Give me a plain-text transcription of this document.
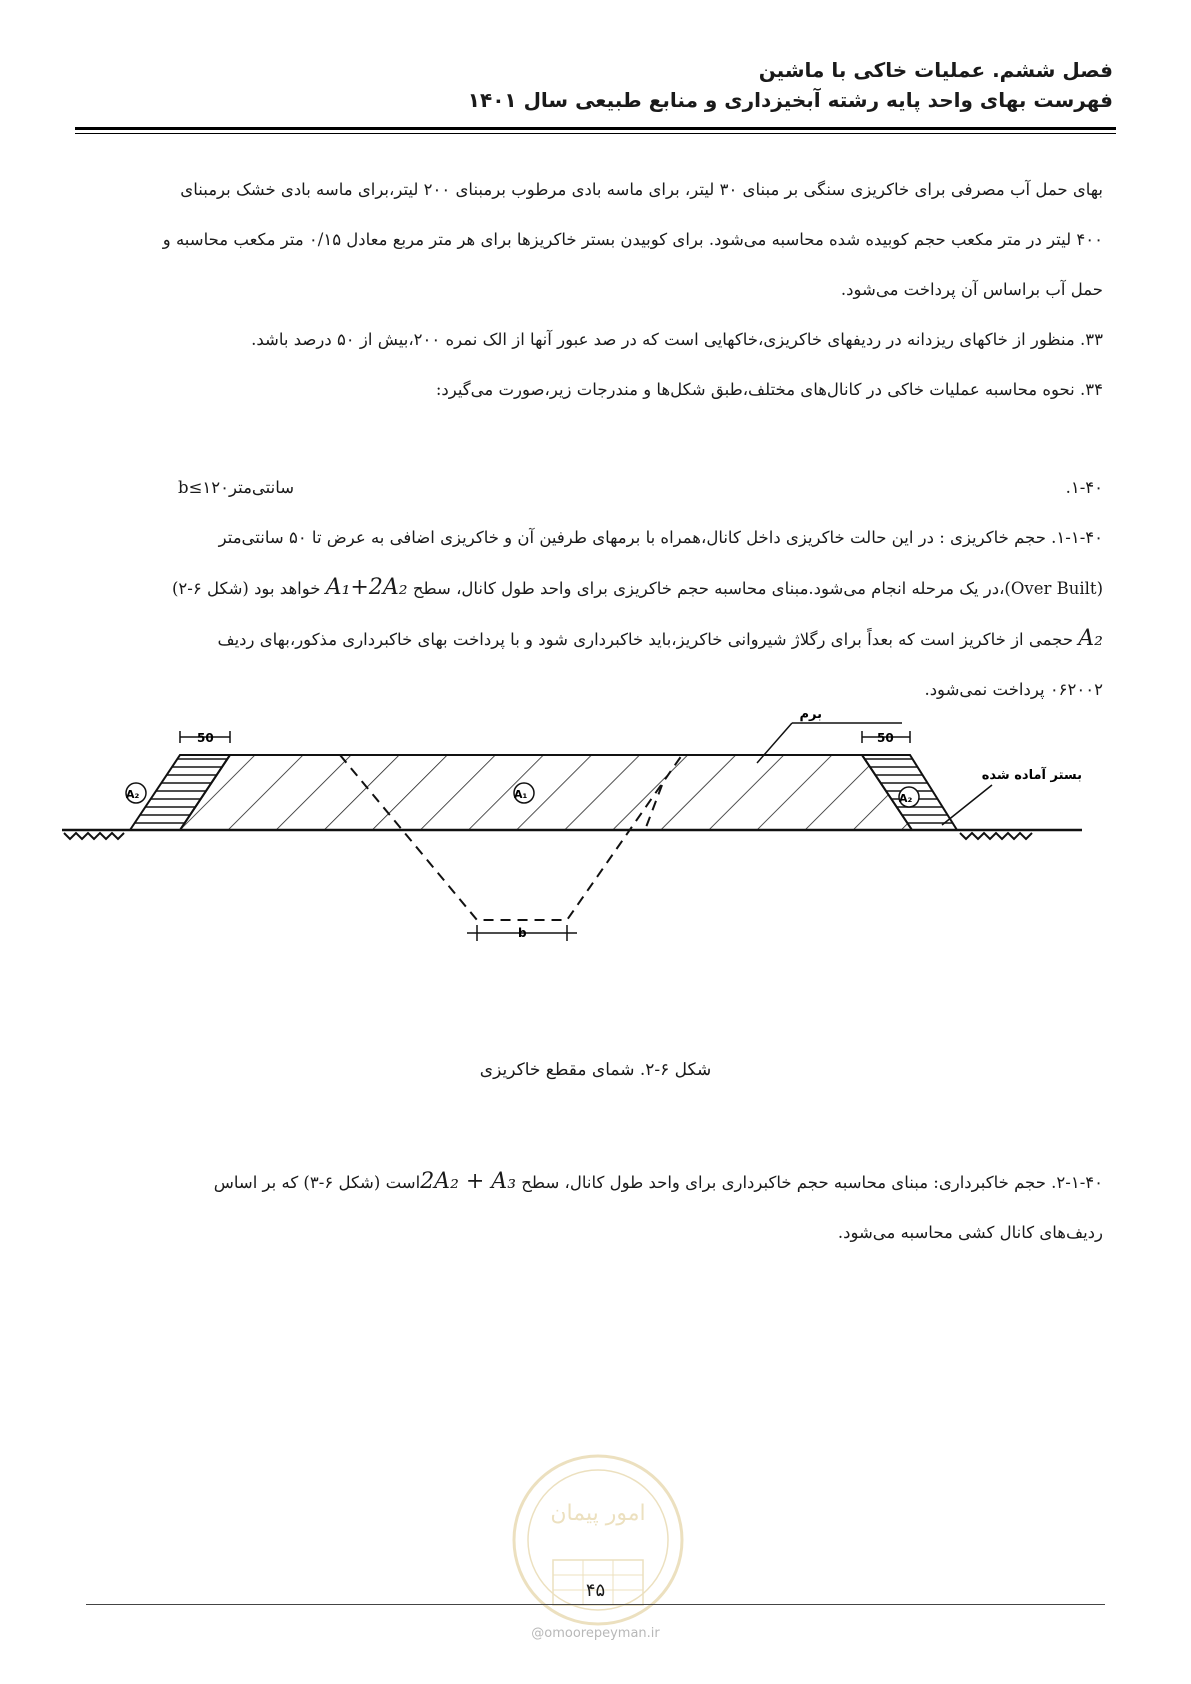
فصل ششم. عملیات خاکی با ماشین
فهرست بهای واحد پایه رشته آبخیزداری و منابع طبیعی سال ۱۴۰۱

بهای حمل آب مصرفی برای خاکریزی سنگی بر مبنای ۳۰ لیتر، برای ماسه بادی مرطوب برمبنای ۲۰۰ لیتر،برای ماسه بادی خشک برمبنای

۴۰۰ لیتر در متر مکعب حجم کوبیده شده محاسبه می‌شود. برای کوبیدن بستر خاکریزها برای هر متر مربع معادل ۰/۱۵ متر مکعب محاسبه و

حمل آب براساس آن پرداخت می‌شود.

۳۳. منظور از خاکهای ریزدانه در ردیفهای خاکریزی،خاکهایی است که در صد عبور آنها از الک نمره ۲۰۰،بیش از ۵۰ درصد باشد.

۳۴. نحوه محاسبه عملیات خاکی در کانال‌های مختلف،طبق شکل‌ها و مندرجات زیر،صورت می‌گیرد:

۱-۴۰.
سانتی‌متر۱۲۰≥b

۱-۱-۴۰. حجم خاکریزی : در این حالت خاکریزی داخل کانال،همراه با برمهای طرفین آن و خاکریزی اضافی به عرض تا ۵۰ سانتی‌متر

(Over Built)،در یک مرحله انجام می‌شود.مبنای محاسبه حجم خاکریزی برای واحد طول کانال، سطح A₁+2A₂ خواهد بود (شکل ۶-۲)

A₂ حجمی از خاکریز است که بعداً برای رگلاژ شیروانی خاکریز،باید خاکبرداری شود و با پرداخت بهای خاکبرداری مذکور،بهای ردیف

۰۶۲۰۰۲ پرداخت نمی‌شود.

50	50
b
A₁
A₂	A₂
برم
بستر آماده شده
شکل ۶-۲. شمای مقطع خاکریزی

۲-۱-۴۰. حجم خاکبرداری: مبنای محاسبه حجم خاکبرداری برای واحد طول کانال، سطح 2A₂ + A₃است (شکل ۶-۳) که بر اساس

ردیف‌های کانال کشی محاسبه می‌شود.

امور پیمان
۴۵
@omoorepeyman.ir
